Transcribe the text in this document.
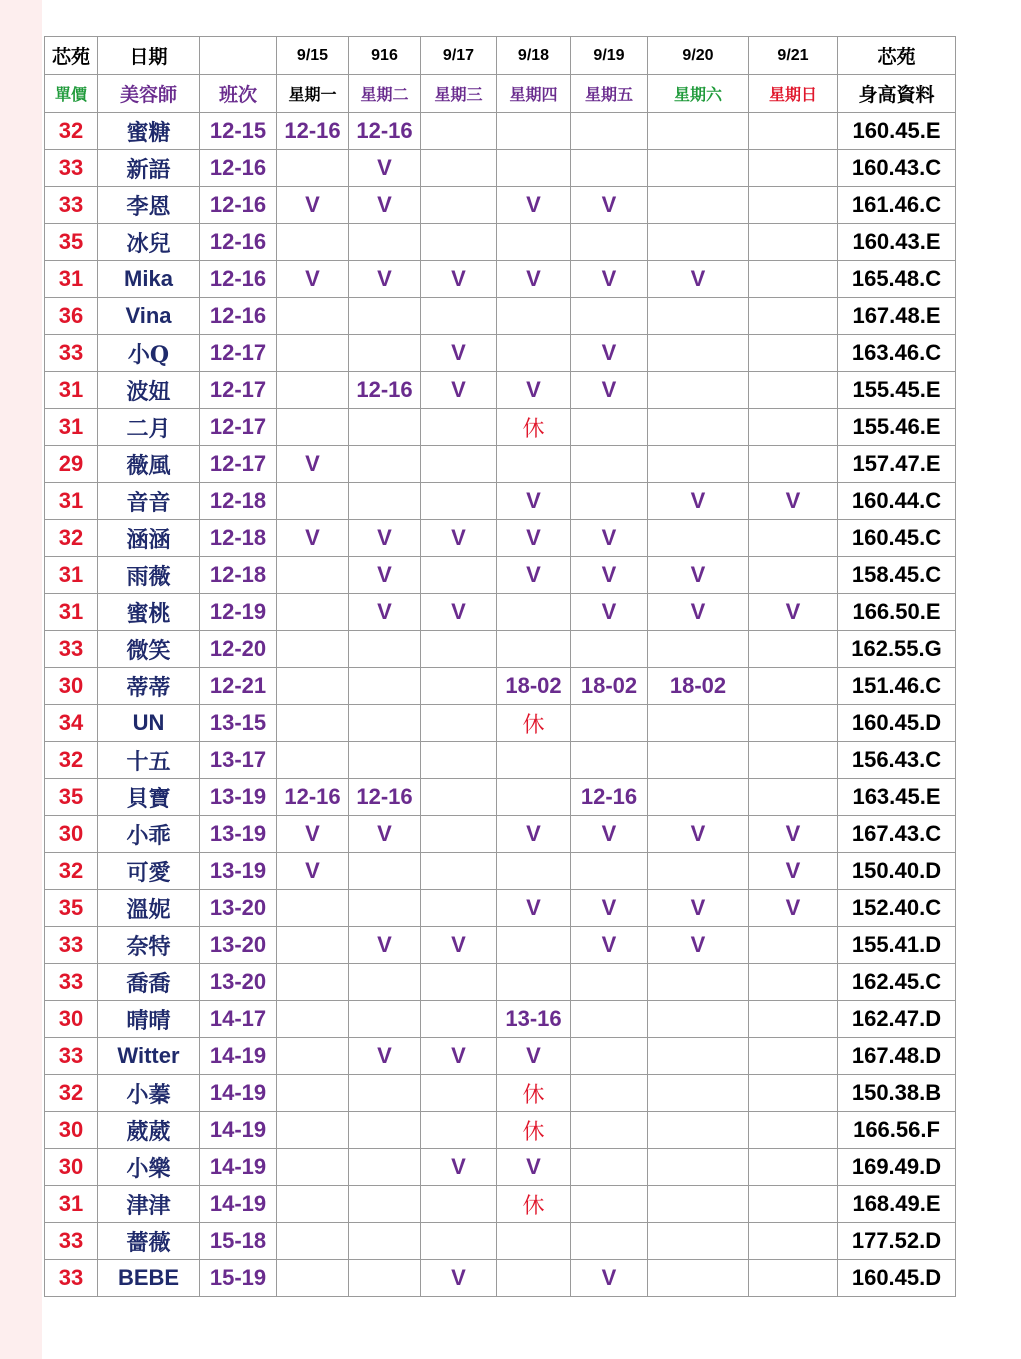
芯苑	日期		9/15	916	9/17	9/18	9/19	9/20	9/21	芯苑
單價	美容師	班次	星期一	星期二	星期三	星期四	星期五	星期六	星期日	身高資料
32	蜜糖	12-15	12-16	12-16						160.45.E
33	新語	12-16		V						160.43.C
33	李恩	12-16	V	V		V	V			161.46.C
35	冰兒	12-16								160.43.E
31	Mika	12-16	V	V	V	V	V	V		165.48.C
36	Vina	12-16								167.48.E
33	小Q	12-17			V		V			163.46.C
31	波妞	12-17		12-16	V	V	V			155.45.E
31	二月	12-17				休				155.46.E
29	薇風	12-17	V							157.47.E
31	音音	12-18				V		V	V	160.44.C
32	涵涵	12-18	V	V	V	V	V			160.45.C
31	雨薇	12-18		V		V	V	V		158.45.C
31	蜜桃	12-19		V	V		V	V	V	166.50.E
33	微笑	12-20								162.55.G
30	蒂蒂	12-21				18-02	18-02	18-02		151.46.C
34	UN	13-15				休				160.45.D
32	十五	13-17								156.43.C
35	貝寶	13-19	12-16	12-16			12-16			163.45.E
30	小乖	13-19	V	V		V	V	V	V	167.43.C
32	可愛	13-19	V						V	150.40.D
35	溫妮	13-20				V	V	V	V	152.40.C
33	奈特	13-20		V	V		V	V		155.41.D
33	喬喬	13-20								162.45.C
30	晴晴	14-17				13-16				162.47.D
33	Witter	14-19		V	V	V				167.48.D
32	小蓁	14-19				休				150.38.B
30	葳葳	14-19				休				166.56.F
30	小樂	14-19			V	V				169.49.D
31	津津	14-19				休				168.49.E
33	薔薇	15-18								177.52.D
33	BEBE	15-19			V		V			160.45.D
